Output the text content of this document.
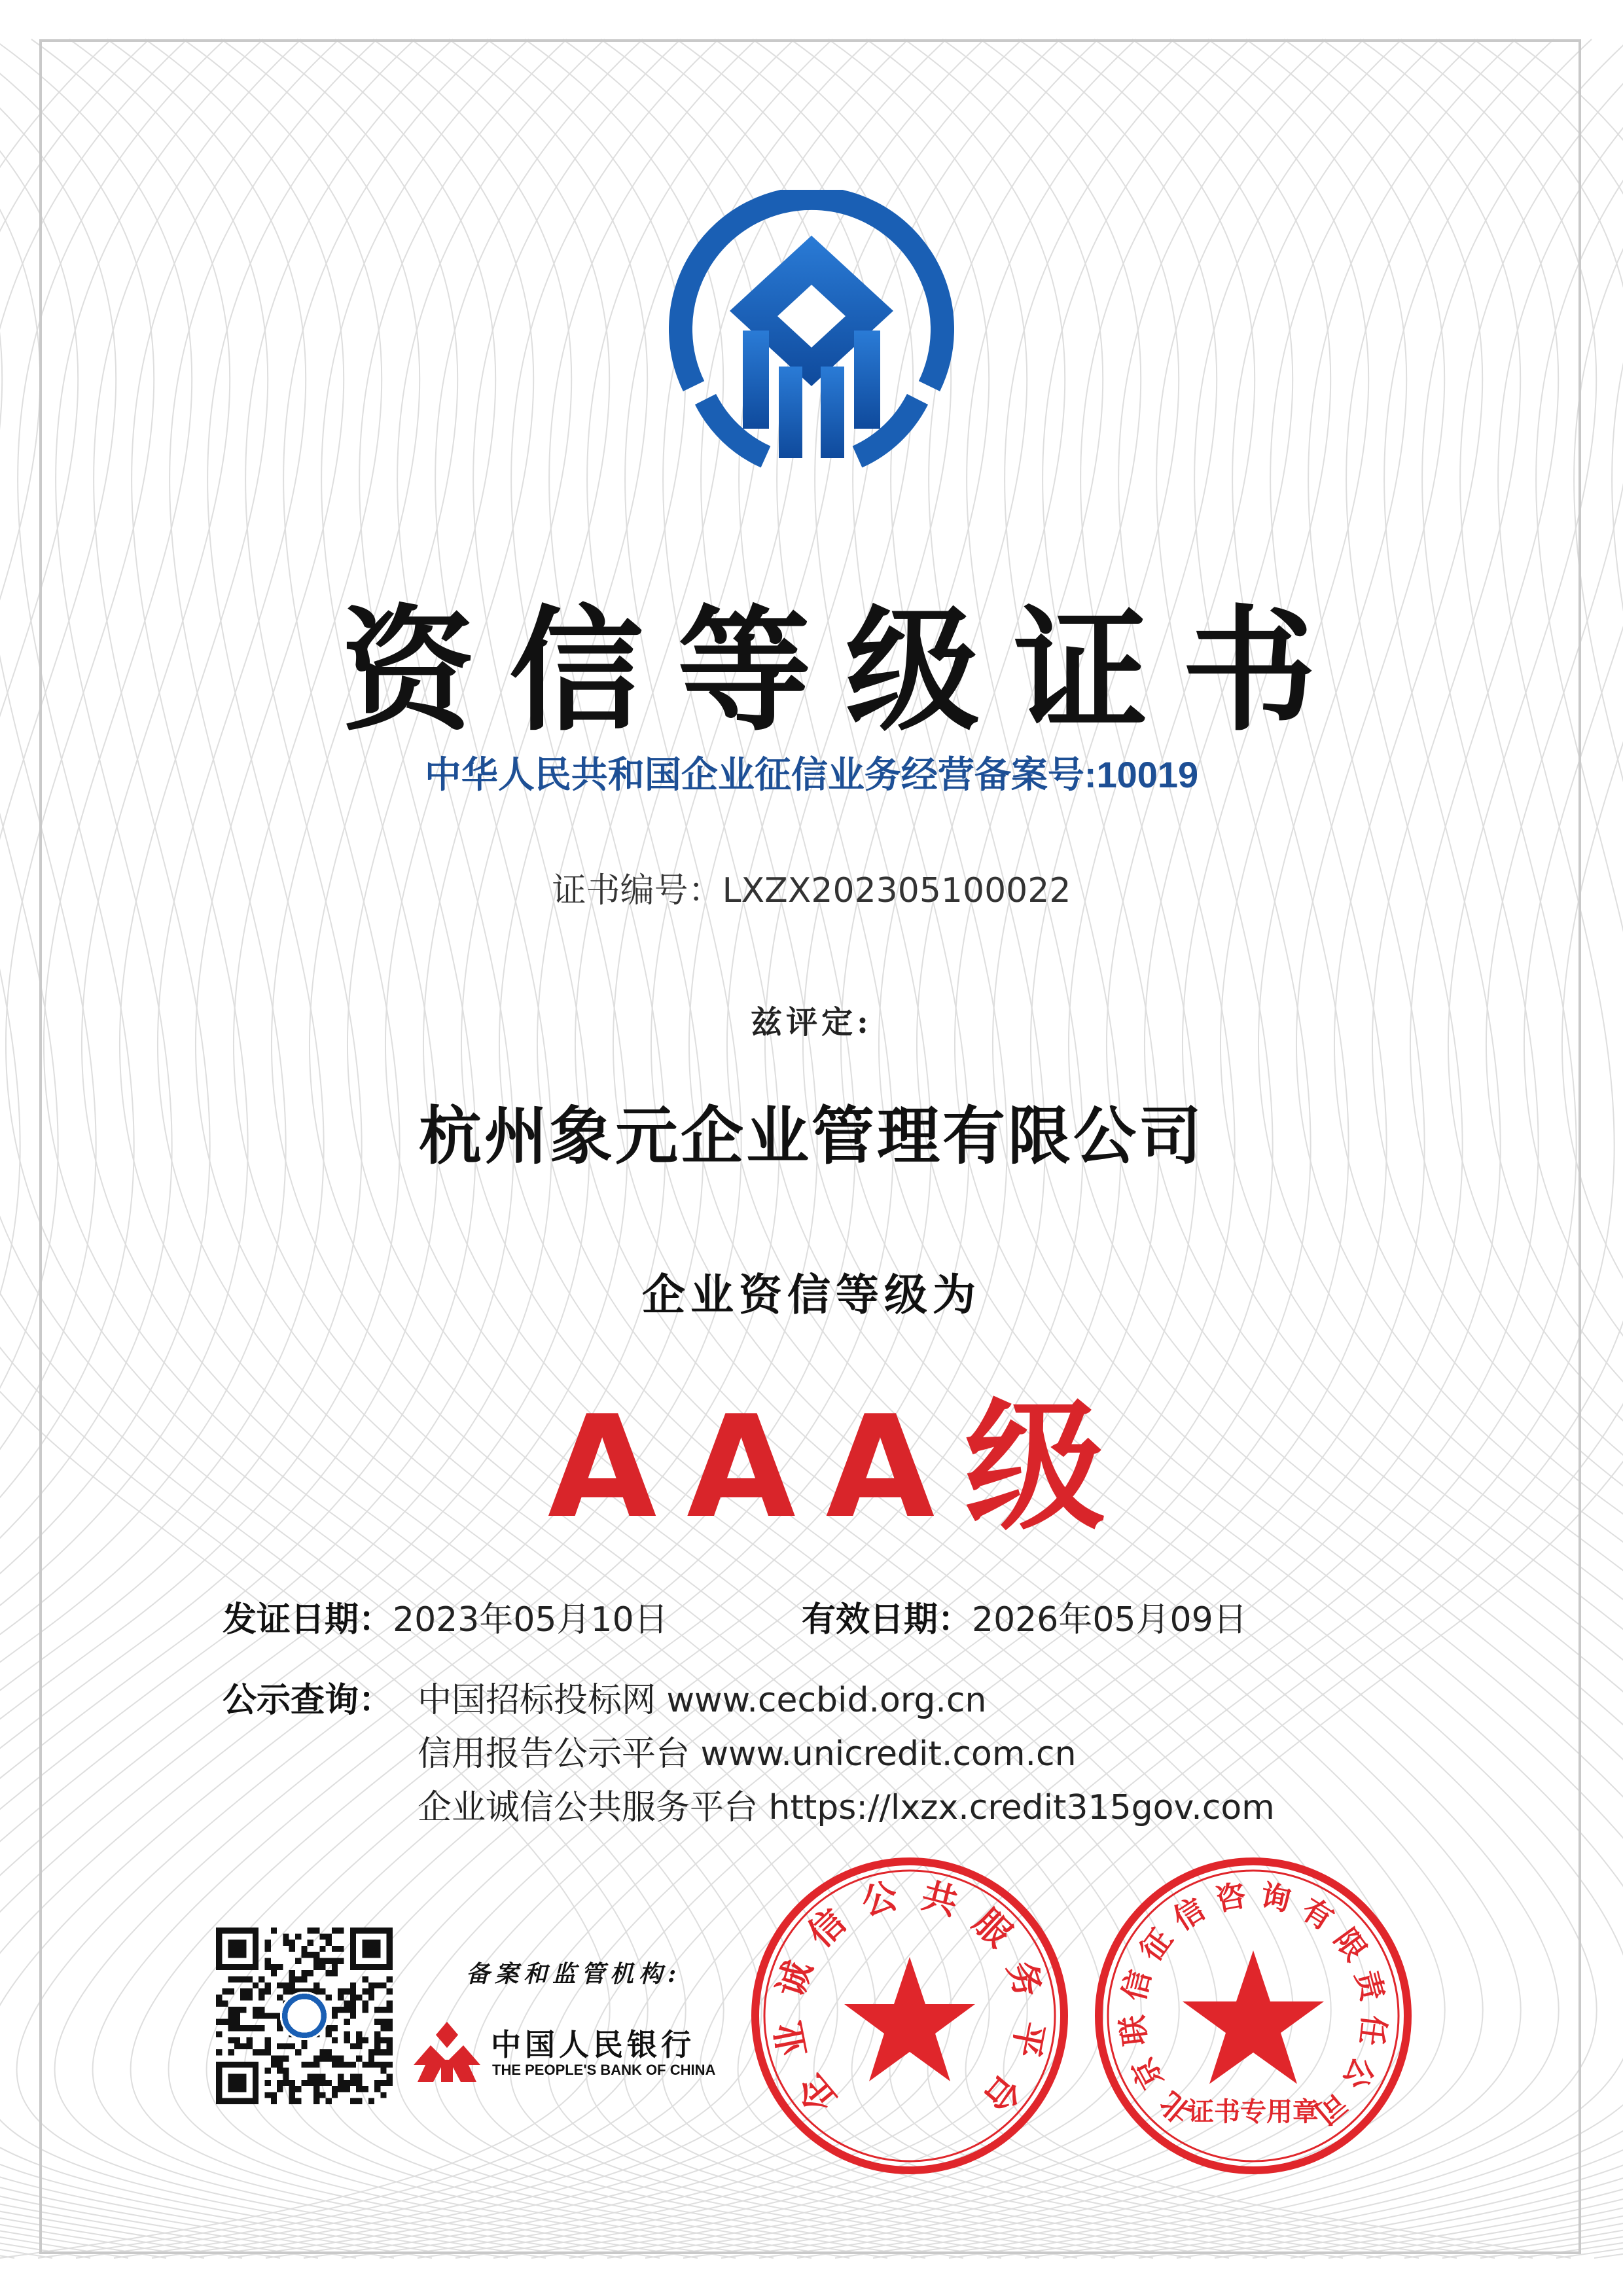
资信等级证书
中华人民共和国企业征信业务经营备案号:10019
证书编号：LXZX202305100022
兹评定:
杭州象元企业管理有限公司
企业资信等级为
AAA级
发证日期：2023年05月10日	有效日期：2026年05月09日
公示查询： 中国招标投标网 www.cecbid.org.cn
信用报告公示平台 www.unicredit.com.cn
企业诚信公共服务平台 https://lxzx.credit315gov.com
备案和监管机构:
中国人民银行
THE PEOPLE'S BANK OF CHINA 企
业
诚
信
公 共
服
务
平
台	北
京
联
信
征
信 咨 询 有
限
责
任
公
司
证书专用章
